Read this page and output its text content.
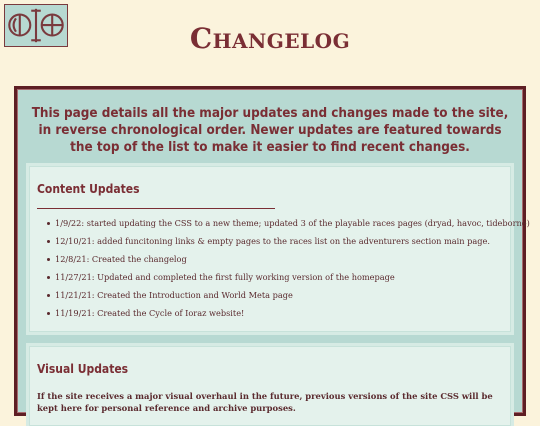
Changelog

This page details all the major updates and changes made to the site, in reverse chronological order. Newer updates are featured towards the top of the list to make it easier to find recent changes.

Content Updates
1/9/22: started updating the CSS to a new theme; updated 3 of the playable races pages (dryad, havoc, tideborne)
12/10/21: added funcitoning links & empty pages to the races list on the adventurers section main page.
12/8/21: Created the changelog
11/27/21: Updated and completed the first fully working version of the homepage
11/21/21: Created the Introduction and World Meta page
11/19/21: Created the Cycle of Ioraz website!
Visual Updates

If the site receives a major visual overhaul in the future, previous versions of the site CSS will be kept here for personal reference and archive purposes.
